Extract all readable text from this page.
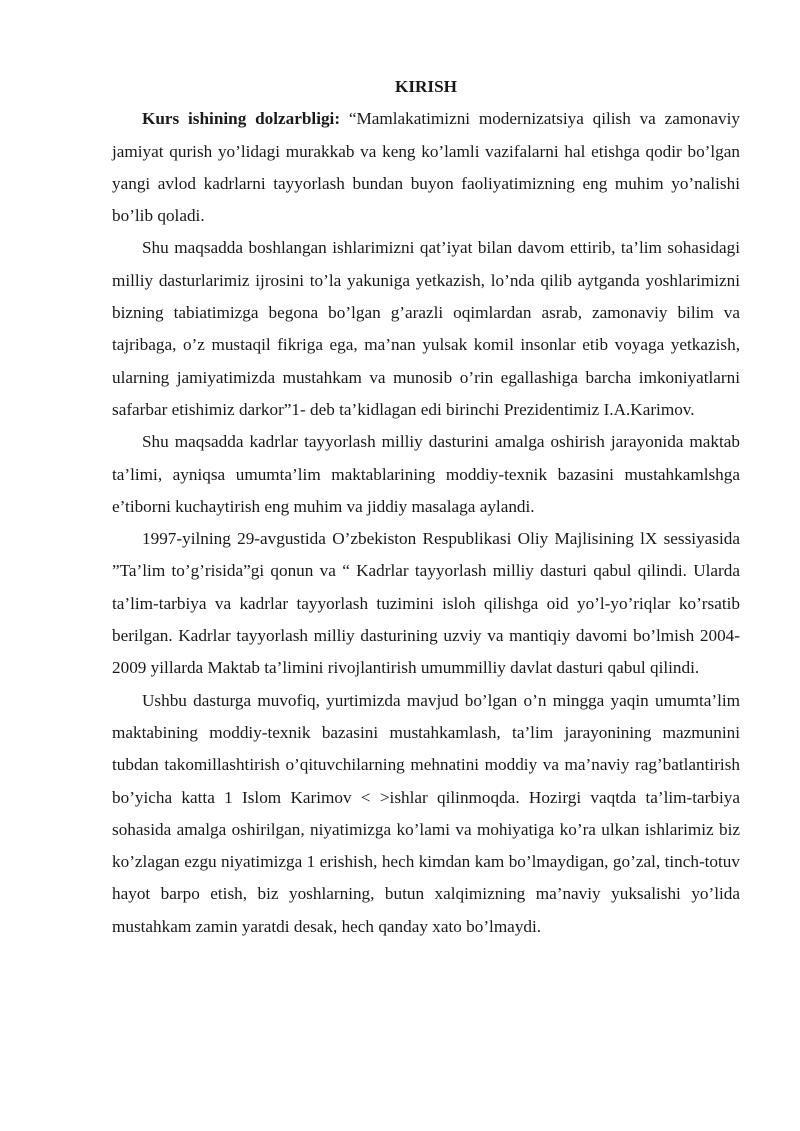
KIRISH

Kurs ishining dolzarbligi: “Mamlakatimizni modernizatsiya qilish va zamonaviy jamiyat qurish yo’lidagi murakkab va keng ko’lamli vazifalarni hal etishga qodir bo’lgan yangi avlod kadrlarni tayyorlash bundan buyon faoliyatimizning eng muhim yo’nalishi bo’lib qoladi.

Shu maqsadda boshlangan ishlarimizni qat’iyat bilan davom ettirib, ta’lim sohasidagi milliy dasturlarimiz ijrosini to’la yakuniga yetkazish, lo’nda qilib aytganda yoshlarimizni bizning tabiatimizga begona bo’lgan g’arazli oqimlardan asrab, zamonaviy bilim va tajribaga, o’z mustaqil fikriga ega, ma’nan yulsak komil insonlar etib voyaga yetkazish, ularning jamiyatimizda mustahkam va munosib o’rin egallashiga barcha imkoniyatlarni safarbar etishimiz darkor”1- deb ta’kidlagan edi birinchi Prezidentimiz I.A.Karimov.

Shu maqsadda kadrlar tayyorlash milliy dasturini amalga oshirish jarayonida maktab ta’limi, ayniqsa umumta’lim maktablarining moddiy-texnik bazasini mustahkamlshga e’tiborni kuchaytirish eng muhim va jiddiy masalaga aylandi.

1997-yilning 29-avgustida O’zbekiston Respublikasi Oliy Majlisining lX sessiyasida ”Ta’lim to’g’risida”gi qonun va “ Kadrlar tayyorlash milliy dasturi qabul qilindi. Ularda ta’lim-tarbiya va kadrlar tayyorlash tuzimini isloh qilishga oid yo’l-yo’riqlar ko’rsatib berilgan. Kadrlar tayyorlash milliy dasturining uzviy va mantiqiy davomi bo’lmish 2004-2009 yillarda Maktab ta’limini rivojlantirish umummilliy davlat dasturi qabul qilindi.

Ushbu dasturga muvofiq, yurtimizda mavjud bo’lgan o’n mingga yaqin umumta’lim maktabining moddiy-texnik bazasini mustahkamlash, ta’lim jarayonining mazmunini tubdan takomillashtirish o’qituvchilarning mehnatini moddiy va ma’naviy rag’batlantirish bo’yicha katta 1 Islom Karimov < >ishlar qilinmoqda. Hozirgi vaqtda ta’lim-tarbiya sohasida amalga oshirilgan, niyatimizga ko’lami va mohiyatiga ko’ra ulkan ishlarimiz biz ko’zlagan ezgu niyatimizga 1 erishish, hech kimdan kam bo’lmaydigan, go’zal, tinch-totuv hayot barpo etish, biz yoshlarning, butun xalqimizning ma’naviy yuksalishi yo’lida mustahkam zamin yaratdi desak, hech qanday xato bo’lmaydi.
